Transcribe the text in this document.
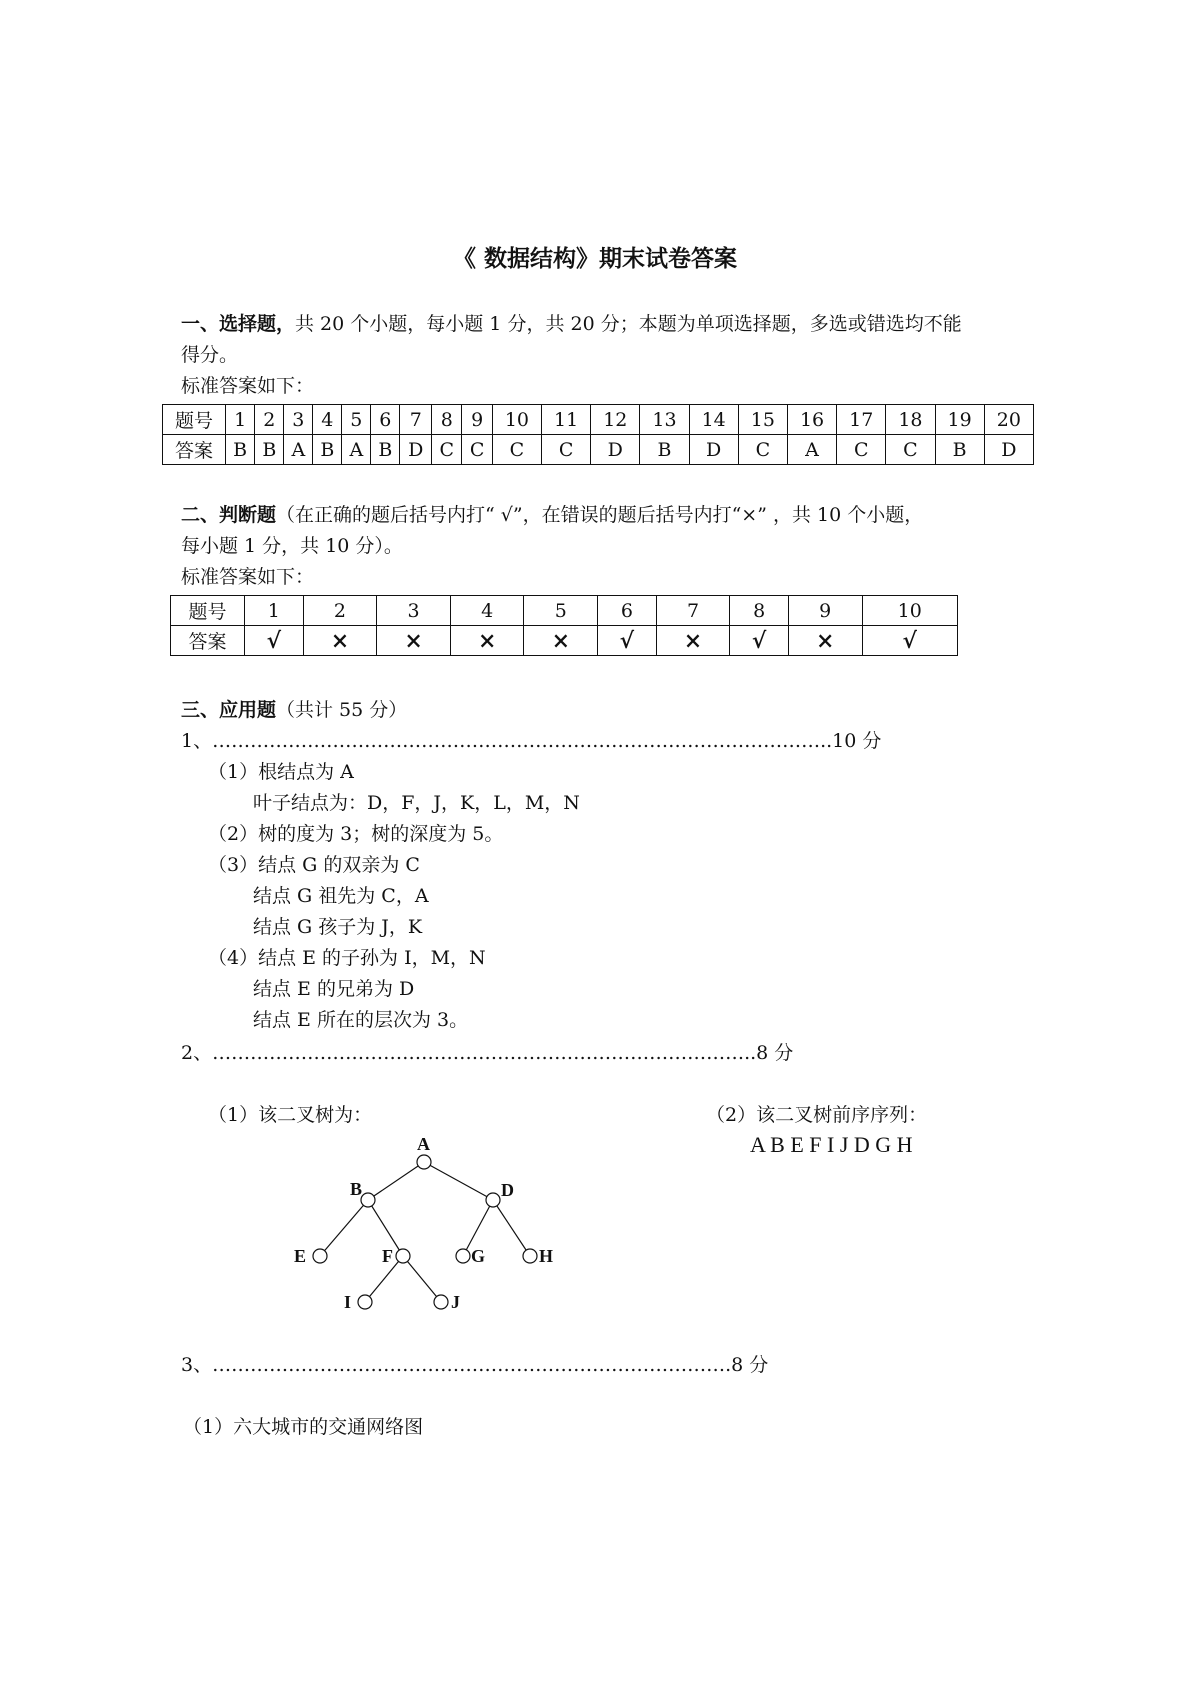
《 数据结构》期末试卷答案
一、选择题，共 20 个小题，每小题 1 分，共 20 分；本题为单项选择题，多选或错选均不能
得分。
标准答案如下：
题号	1	2	3	4	5	6	7	8	9	10	11	12	13	14	15	16	17	18	19	20
答案	B	B	A	B	A	B	D	C	C	C	C	D	B	D	C	A	C	C	B	D
二、判断题（在正确的题后括号内打“ √”，在错误的题后括号内打“×” ，共 10 个小题，
每小题 1 分，共 10 分）。
标准答案如下：
题号	1	2	3	4	5	6	7	8	9	10
答案	√	×	×	×	×	√	×	√	×	√
三、应用题（共计 55 分）
1、……………………………………………………………………………………..10 分
（1）根结点为 A
叶子结点为：D，F，J，K，L，M，N
（2）树的度为 3；树的深度为 5。
（3）结点 G 的双亲为 C
结点 G 祖先为 C，A
结点 G 孩子为 J，K
（4）结点 E 的子孙为 I，M，N
结点 E 的兄弟为 D
结点 E 所在的层次为 3。
2、…………………………………………………………………………..8 分
（1）该二叉树为：	（2）该二叉树前序序列：
A B E F I J D G H
A
B	D
E	F	G	H
I	J
3、……………………………………………………………………….8 分
（1）六大城市的交通网络图
